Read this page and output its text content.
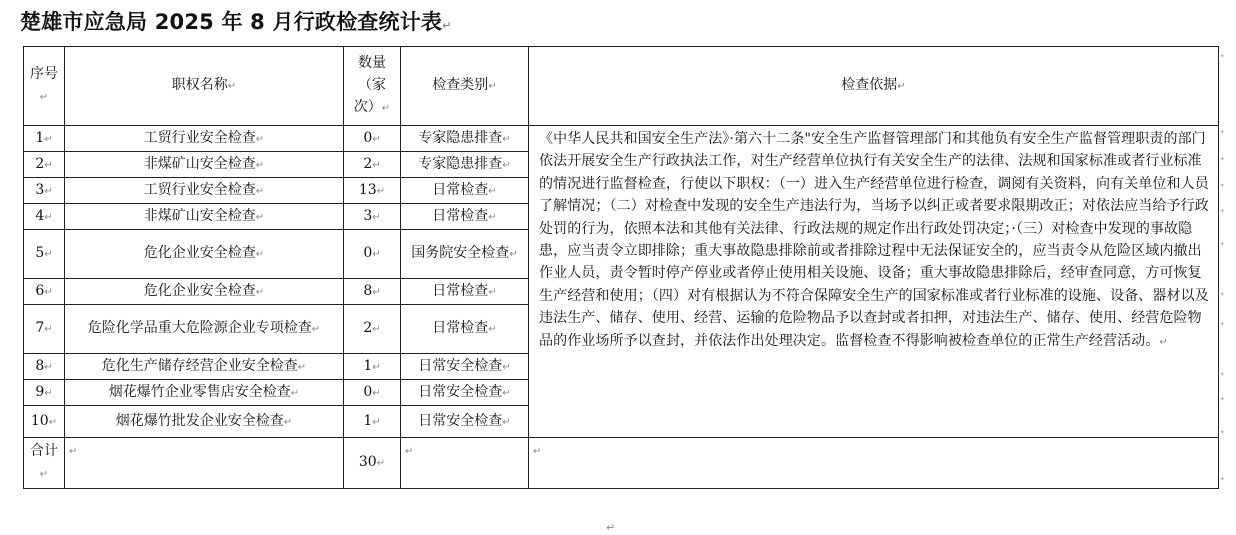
楚雄市应急局 2025 年 8 月行政检查统计表↵
序号↵	职权名称↵	数量（家次）↵	检查类别↵	检查依据↵
1↵	工贸行业安全检查↵	0↵	专家隐患排查↵	《中华人民共和国安全生产法》·第六十二条"安全生产监督管理部门和其他负有安全生产监督管理职责的部门依法开展安全生产行政执法工作，对生产经营单位执行有关安全生产的法律、法规和国家标准或者行业标准的情况进行监督检查，行使以下职权：（一）进入生产经营单位进行检查，调阅有关资料，向有关单位和人员了解情况；（二）对检查中发现的安全生产违法行为，当场予以纠正或者要求限期改正；对依法应当给予行政处罚的行为，依照本法和其他有关法律、行政法规的规定作出行政处罚决定；·（三）对检查中发现的事故隐患，应当责令立即排除；重大事故隐患排除前或者排除过程中无法保证安全的，应当责令从危险区域内撤出作业人员，责令暂时停产停业或者停止使用相关设施、设备；重大事故隐患排除后，经审查同意，方可恢复生产经营和使用；（四）对有根据认为不符合保障安全生产的国家标准或者行业标准的设施、设备、器材以及违法生产、储存、使用、经营、运输的危险物品予以查封或者扣押，对违法生产、储存、使用、经营危险物品的作业场所予以查封，并依法作出处理决定。监督检查不得影响被检查单位的正常生产经营活动。↵
2↵	非煤矿山安全检查↵	2↵	专家隐患排查↵	
3↵	工贸行业安全检查↵	13↵	日常检查↵	
4↵	非煤矿山安全检查↵	3↵	日常检查↵	
5↵	危化企业安全检查↵	0↵	国务院安全检查↵	
6↵	危化企业安全检查↵	8↵	日常检查↵	
7↵	危险化学品重大危险源企业专项检查↵	2↵	日常检查↵	
8↵	危化生产储存经营企业安全检查↵	1↵	日常安全检查↵	
9↵	烟花爆竹企业零售店安全检查↵	0↵	日常安全检查↵	
10↵	烟花爆竹批发企业安全检查↵	1↵	日常安全检查↵	
合计↵	↵	30↵	↵	↵
ᐩ
ᐩ
ᐩ
ᐩ
ᐩ
ᐩ
ᐩ
ᐩ
ᐩ
ᐩ
ᐩ
ᐩ
↵
